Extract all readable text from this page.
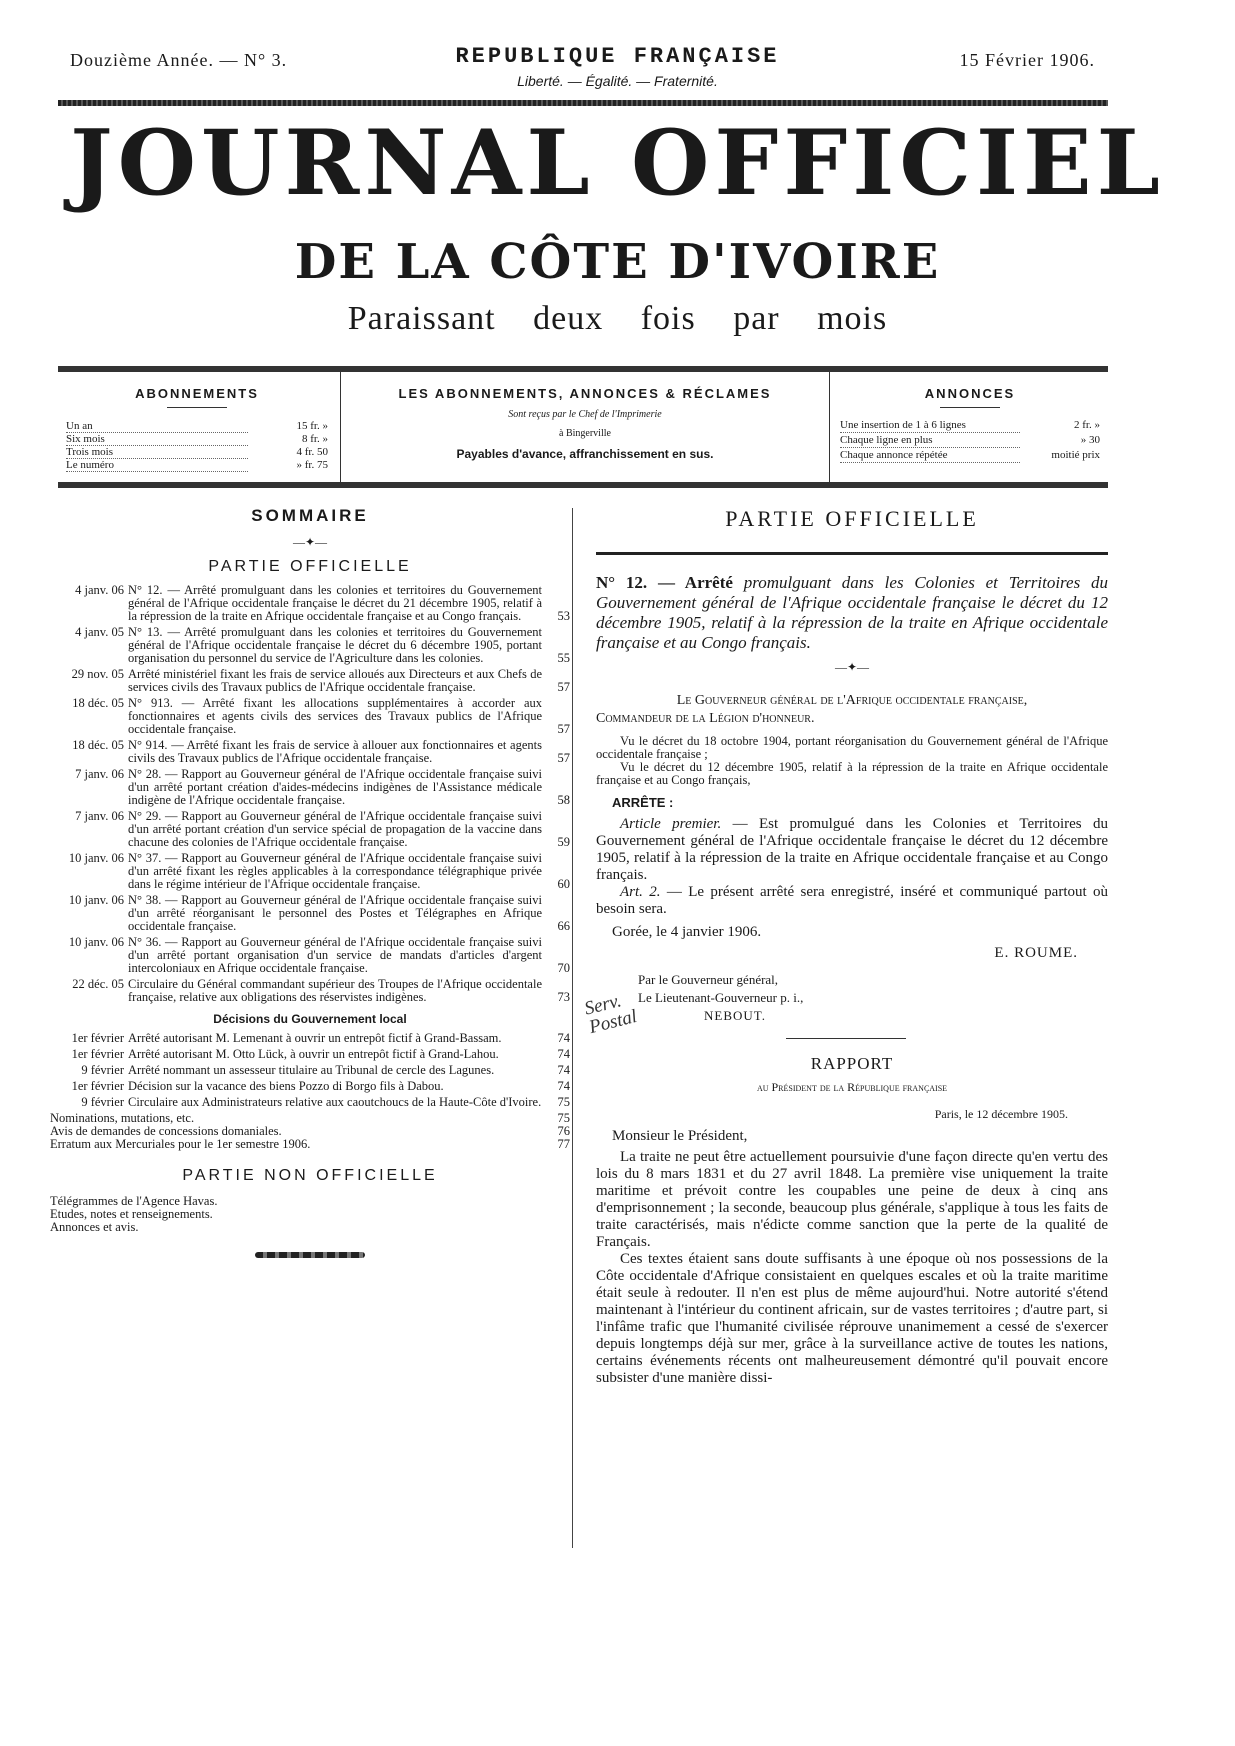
Douzième Année. — N° 3.	REPUBLIQUE FRANÇAISE
Liberté. — Égalité. — Fraternité.
15 Février 1906.
JOURNAL OFFICIEL
DE LA CÔTE D'IVOIRE
Paraissant deux fois par mois
ABONNEMENTS
Un an	15 fr. »
Six mois	8 fr. »
Trois mois	4 fr. 50
Le numéro	» fr. 75
LES ABONNEMENTS, ANNONCES & RÉCLAMES
Sont reçus par le Chef de l'Imprimerie
à Bingerville
Payables d'avance, affranchissement en sus.
ANNONCES
Une insertion de 1 à 6 lignes	2 fr. »
Chaque ligne en plus	» 30
Chaque annonce répétée	moitié prix
SOMMAIRE
—✦—
PARTIE OFFICIELLE
4 janv. 06 N° 12. — Arrêté promulguant dans les colonies et territoires du Gouvernement général de l'Afrique occidentale française le décret du 21 décembre 1905, relatif à la répression de la traite en Afrique occidentale française et au Congo français.	53
4 janv. 05 N° 13. — Arrêté promulguant dans les colonies et territoires du Gouvernement général de l'Afrique occidentale française le décret du 6 décembre 1905, portant organisation du personnel du service de l'Agriculture dans les colonies.	55
29 nov. 05 Arrêté ministériel fixant les frais de service alloués aux Directeurs et aux Chefs de services civils des Travaux publics de l'Afrique occidentale française.	57
18 déc. 05 N° 913. — Arrêté fixant les allocations supplémentaires à accorder aux fonctionnaires et agents civils des services des Travaux publics de l'Afrique occidentale française.	57
18 déc. 05 N° 914. — Arrêté fixant les frais de service à allouer aux fonctionnaires et agents civils des Travaux publics de l'Afrique occidentale française.	57
7 janv. 06 N° 28. — Rapport au Gouverneur général de l'Afrique occidentale française suivi d'un arrêté portant création d'aides-médecins indigènes de l'Assistance médicale indigène de l'Afrique occidentale française.	58
7 janv. 06 N° 29. — Rapport au Gouverneur général de l'Afrique occidentale française suivi d'un arrêté portant création d'un service spécial de propagation de la vaccine dans chacune des colonies de l'Afrique occidentale française.	59
10 janv. 06 N° 37. — Rapport au Gouverneur général de l'Afrique occidentale française suivi d'un arrêté fixant les règles applicables à la correspondance télégraphique privée dans le régime intérieur de l'Afrique occidentale française.	60
10 janv. 06 N° 38. — Rapport au Gouverneur général de l'Afrique occidentale française suivi d'un arrêté réorganisant le personnel des Postes et Télégraphes en Afrique occidentale française.	66
10 janv. 06 N° 36. — Rapport au Gouverneur général de l'Afrique occidentale française suivi d'un arrêté portant organisation d'un service de mandats d'articles d'argent intercoloniaux en Afrique occidentale française.	70
22 déc. 05 Circulaire du Général commandant supérieur des Troupes de l'Afrique occidentale française, relative aux obligations des réservistes indigènes.	73
Décisions du Gouvernement local
1er février Arrêté autorisant M. Lemenant à ouvrir un entrepôt fictif à Grand-Bassam.	74
1er février Arrêté autorisant M. Otto Lück, à ouvrir un entrepôt fictif à Grand-Lahou.	74
9 février Arrêté nommant un assesseur titulaire au Tribunal de cercle des Lagunes.	74
1er février Décision sur la vacance des biens Pozzo di Borgo fils à Dabou.	74
9 février Circulaire aux Administrateurs relative aux caoutchoucs de la Haute-Côte d'Ivoire.	75
Nominations, mutations, etc.	75
Avis de demandes de concessions domaniales.	76
Erratum aux Mercuriales pour le 1er semestre 1906.	77
PARTIE NON OFFICIELLE
Télégrammes de l'Agence Havas.
Etudes, notes et renseignements.
Annonces et avis.
PARTIE OFFICIELLE
N° 12. — Arrêté promulguant dans les Colonies et Territoires du Gouvernement général de l'Afrique occidentale française le décret du 12 décembre 1905, relatif à la répression de la traite en Afrique occidentale française et au Congo français.
—✦—
Le Gouverneur général de l'Afrique occidentale française,
Commandeur de la Légion d'honneur.
Vu le décret du 18 octobre 1904, portant réorganisation du Gouvernement général de l'Afrique occidentale française ;
Vu le décret du 12 décembre 1905, relatif à la répression de la traite en Afrique occidentale française et au Congo français,
ARRÊTE :
Article premier. — Est promulgué dans les Colonies et Territoires du Gouvernement général de l'Afrique occidentale française le décret du 12 décembre 1905, relatif à la répression de la traite en Afrique occidentale française et au Congo français.
Art. 2. — Le présent arrêté sera enregistré, inséré et communiqué partout où besoin sera.
Gorée, le 4 janvier 1906.
E. ROUME.
Par le Gouverneur général,
Le Lieutenant-Gouverneur p. i.,
NEBOUT.
Serv. Postal
RAPPORT
au Président de la République française
Paris, le 12 décembre 1905.
Monsieur le Président,
La traite ne peut être actuellement poursuivie d'une façon directe qu'en vertu des lois du 8 mars 1831 et du 27 avril 1848. La première vise uniquement la traite maritime et prévoit contre les coupables une peine de deux à cinq ans d'emprisonnement ; la seconde, beaucoup plus générale, s'applique à tous les faits de traite caractérisés, mais n'édicte comme sanction que la perte de la qualité de Français.
Ces textes étaient sans doute suffisants à une époque où nos possessions de la Côte occidentale d'Afrique consistaient en quelques escales et où la traite maritime était seule à redouter. Il n'en est plus de même aujourd'hui. Notre autorité s'étend maintenant à l'intérieur du continent africain, sur de vastes territoires ; d'autre part, si l'infâme trafic que l'humanité civilisée réprouve unanimement a cessé de s'exercer depuis longtemps déjà sur mer, grâce à la surveillance active de toutes les nations, certains événements récents ont malheureusement démontré qu'il pouvait encore subsister d'une manière dissi-
